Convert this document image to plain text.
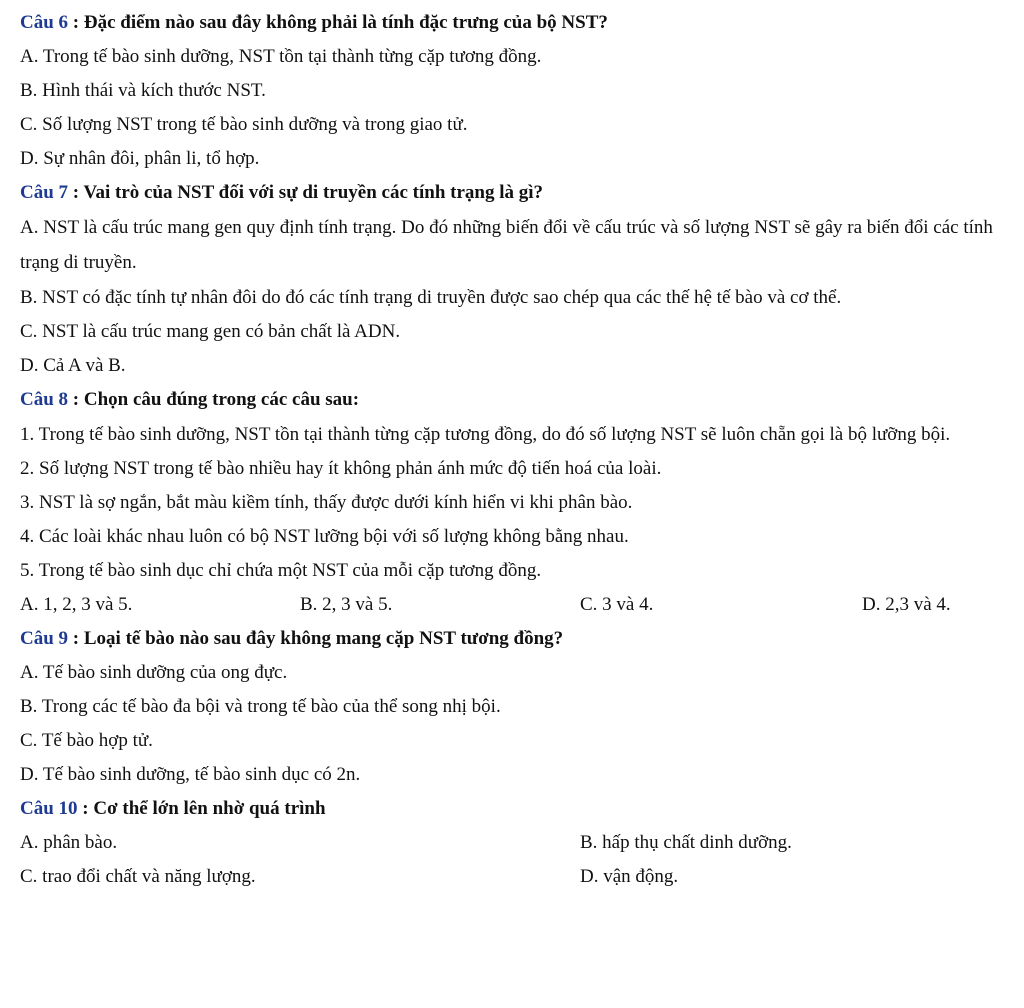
Câu 6 : Đặc điểm nào sau đây không phải là tính đặc trưng của bộ NST?

A. Trong tế bào sinh dưỡng, NST tồn tại thành từng cặp tương đồng.

B. Hình thái và kích thước NST.

C. Số lượng NST trong tế bào sinh dưỡng và trong giao tử.

D. Sự nhân đôi, phân li, tổ hợp.

Câu 7 : Vai trò của NST đối với sự di truyền các tính trạng là gì?

A. NST là cấu trúc mang gen quy định tính trạng. Do đó những biến đổi về cấu trúc và số lượng NST sẽ gây ra biến đổi các tính trạng di truyền.

B. NST có đặc tính tự nhân đôi do đó các tính trạng di truyền được sao chép qua các thế hệ tế bào và cơ thể.

C. NST là cấu trúc mang gen có bản chất là ADN.

D. Cả A và B.

Câu 8 : Chọn câu đúng trong các câu sau:

1. Trong tế bào sinh dưỡng, NST tồn tại thành từng cặp tương đồng, do đó số lượng NST sẽ luôn chẵn gọi là bộ lưỡng bội.

2. Số lượng NST trong tế bào nhiều hay ít không phản ánh mức độ tiến hoá của loài.

3. NST là sợ ngắn, bắt màu kiềm tính, thấy được dưới kính hiển vi khi phân bào.

4. Các loài khác nhau luôn có bộ NST lưỡng bội với số lượng không bằng nhau.

5. Trong tế bào sinh dục chỉ chứa một NST của mỗi cặp tương đồng.

A. 1, 2, 3 và 5.	B. 2, 3 và 5.	C. 3 và 4.	D. 2,3 và 4.

Câu 9 : Loại tế bào nào sau đây không mang cặp NST tương đồng?

A. Tế bào sinh dưỡng của ong đực.

B. Trong các tế bào đa bội và trong tế bào của thể song nhị bội.

C. Tế bào hợp tử.

D. Tế bào sinh dưỡng, tế bào sinh dục có 2n.

Câu 10 : Cơ thể lớn lên nhờ quá trình

A. phân bào.	B. hấp thụ chất dinh dưỡng.
C. trao đổi chất và năng lượng.	D. vận động.
